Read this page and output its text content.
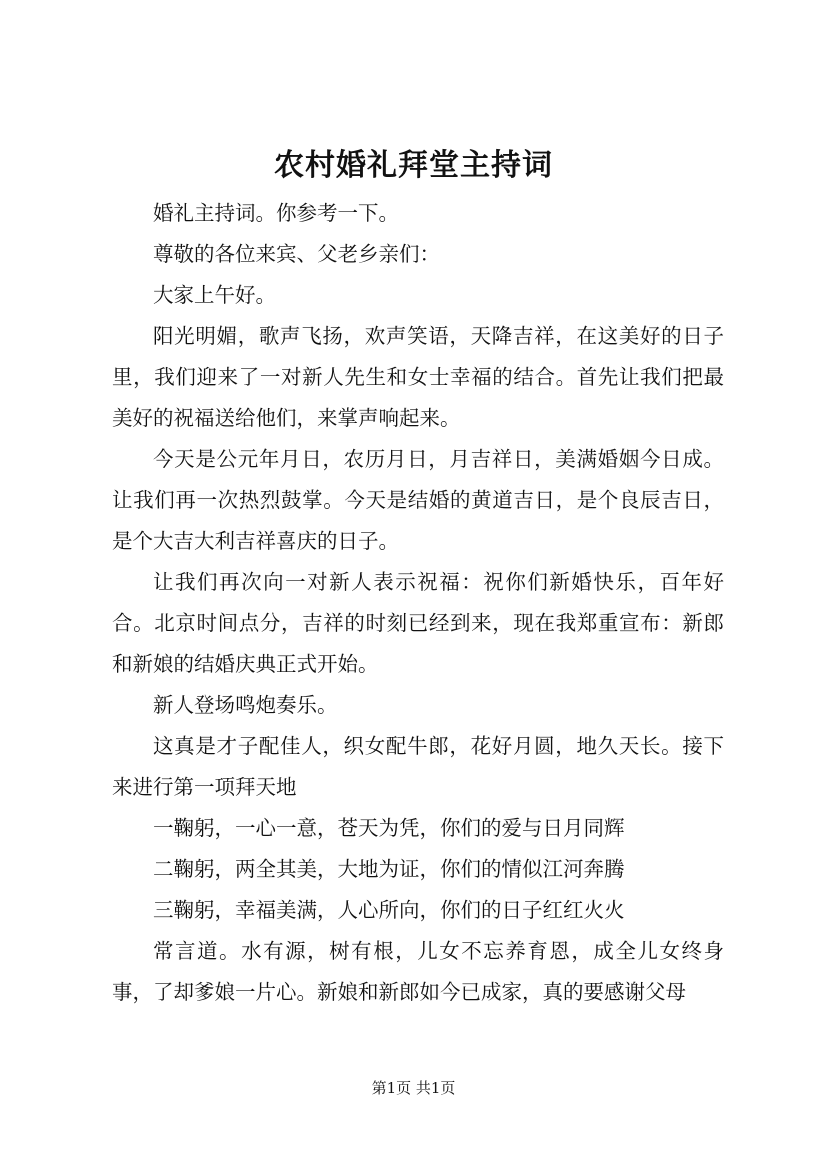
农村婚礼拜堂主持词

婚礼主持词。你参考一下。

尊敬的各位来宾、父老乡亲们：

大家上午好。

阳光明媚，歌声飞扬，欢声笑语，天降吉祥，在这美好的日子里，我们迎来了一对新人先生和女士幸福的结合。首先让我们把最美好的祝福送给他们，来掌声响起来。

今天是公元年月日，农历月日，月吉祥日，美满婚姻今日成。让我们再一次热烈鼓掌。今天是结婚的黄道吉日，是个良辰吉日，是个大吉大利吉祥喜庆的日子。

让我们再次向一对新人表示祝福：祝你们新婚快乐，百年好合。北京时间点分，吉祥的时刻已经到来，现在我郑重宣布：新郎和新娘的结婚庆典正式开始。

新人登场鸣炮奏乐。

这真是才子配佳人，织女配牛郎，花好月圆，地久天长。接下来进行第一项拜天地

一鞠躬，一心一意，苍天为凭，你们的爱与日月同辉

二鞠躬，两全其美，大地为证，你们的情似江河奔腾

三鞠躬，幸福美满，人心所向，你们的日子红红火火

常言道。水有源，树有根，儿女不忘养育恩，成全儿女终身事，了却爹娘一片心。新娘和新郎如今已成家，真的要感谢父母

第1页 共1页
